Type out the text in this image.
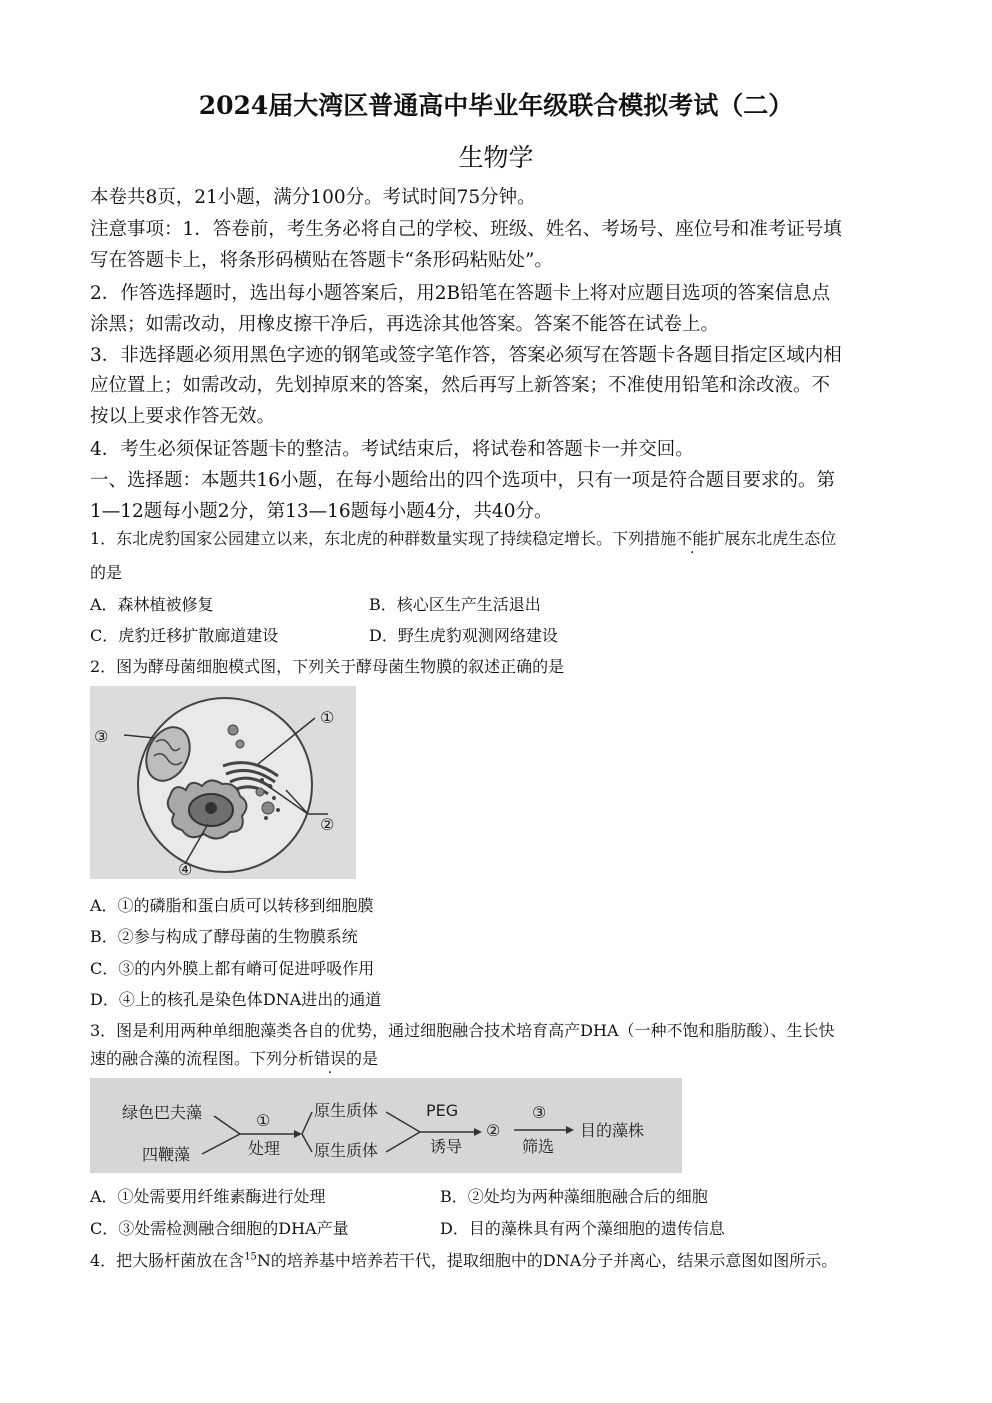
2024届大湾区普通高中毕业年级联合模拟考试（二）
生物学
本卷共8页，21小题，满分100分。考试时间75分钟。
注意事项：1．答卷前，考生务必将自己的学校、班级、姓名、考场号、座位号和准考证号填
写在答题卡上，将条形码横贴在答题卡“条形码粘贴处”。
2．作答选择题时，选出每小题答案后，用2B铅笔在答题卡上将对应题目选项的答案信息点
涂黑；如需改动，用橡皮擦干净后，再选涂其他答案。答案不能答在试卷上。
3．非选择题必须用黑色字迹的钢笔或签字笔作答，答案必须写在答题卡各题目指定区域内相
应位置上；如需改动，先划掉原来的答案，然后再写上新答案；不准使用铅笔和涂改液。不
按以上要求作答无效。
4．考生必须保证答题卡的整洁。考试结束后，将试卷和答题卡一并交回。
一、选择题：本题共16小题，在每小题给出的四个选项中，只有一项是符合题目要求的。第
1—12题每小题2分，第13—16题每小题4分，共40分。
1．东北虎豹国家公园建立以来，东北虎的种群数量实现了持续稳定增长。下列措施不能扩展东北虎生态位
的是
A．森林植被修复	B．核心区生产生活退出
C．虎豹迁移扩散廊道建设	D．野生虎豹观测网络建设
2．图为酵母菌细胞模式图，下列关于酵母菌生物膜的叙述正确的是
①
②
③
④
A．①的磷脂和蛋白质可以转移到细胞膜
B．②参与构成了酵母菌的生物膜系统
C．③的内外膜上都有嵴可促进呼吸作用
D．④上的核孔是染色体DNA进出的通道
3．图是利用两种单细胞藻类各自的优势，通过细胞融合技术培育高产DHA（一种不饱和脂肪酸）、生长快
速的融合藻的流程图。下列分析错误的是
绿色巴夫藻
四鞭藻
①
处理
原生质体
原生质体
PEG
诱导
②
③
筛选
目的藻株
A．①处需要用纤维素酶进行处理	B．②处均为两种藻细胞融合后的细胞
C．③处需检测融合细胞的DHA产量	D．目的藻株具有两个藻细胞的遗传信息
4．把大肠杆菌放在含$^{15}$N的培养基中培养若干代，提取细胞中的DNA分子并离心，结果示意图如图所示。
